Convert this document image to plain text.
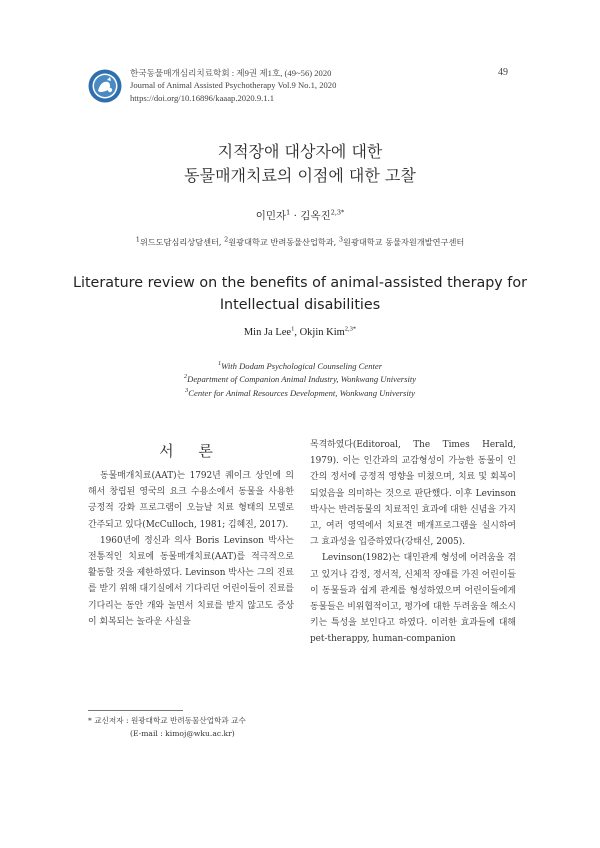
한국동물매개심리치료학회 : 제9권 제1호, (49~56) 2020
Journal of Animal Assisted Psychotherapy Vol.9 No.1, 2020
https://doi.org/10.16896/kaaap.2020.9.1.1
49
지적장애 대상자에 대한
동물매개치료의 이점에 대한 고찰
이민자$^1$ · 김옥진$^{2,3*}$
$^1$위드도담심리상담센터, $^2$원광대학교 반려동물산업학과, $^3$원광대학교 동물자원개발연구센터
Literature review on the benefits of animal-assisted therapy for
Intellectual disabilities
Min Ja Lee$^1$, Okjin Kim$^{2,3*}$
$^1$With Dodam Psychological Counseling Center
$^2$Department of Companion Animal Industry, Wonkwang University
$^3$Center for Animal Resources Development, Wonkwang University
서 론

동물매개치료(AAT)는 1792년 퀘이크 상인에 의해서 창립된 영국의 요크 수용소에서 동물을 사용한 긍정적 강화 프로그램이 오늘날 치료 형태의 모델로 간주되고 있다(McCulloch, 1981; 김혜진, 2017).

1960년에 정신과 의사 Boris Levinson 박사는 전통적인 치료에 동물매개치료(AAT)를 적극적으로 활동할 것을 제한하였다. Levinson 박사는 그의 진료를 받기 위해 대기실에서 기다리던 어린이들이 진료를 기다리는 동안 개와 놀면서 치료를 받지 않고도 증상이 회복되는 놀라운 사실을

목격하였다(Editoroal, The Times Herald, 1979). 이는 인간과의 교감형성이 가능한 동물이 인간의 정서에 긍정적 영향을 미쳤으며, 치료 및 회복이 되었음을 의미하는 것으로 판단했다. 이후 Levinson 박사는 반려동물의 치료적인 효과에 대한 신념을 가지고, 여러 영역에서 치료견 매개프로그램을 실시하여 그 효과성을 입증하였다(강태신, 2005).

Levinson(1982)는 대인관계 형성에 어려움을 겪고 있거나 감정, 정서적, 신체적 장애를 가진 어린이들이 동물들과 쉽게 관계를 형성하였으며 어린이들에게 동물들은 비위협적이고, 평가에 대한 두려움을 해소시키는 특성을 보인다고 하였다. 이러한 효과들에 대해 pet-therappy, human-companion

* 교신저자 : 원광대학교 반려동물산업학과 교수
(E-mail : kimoj@wku.ac.kr)
